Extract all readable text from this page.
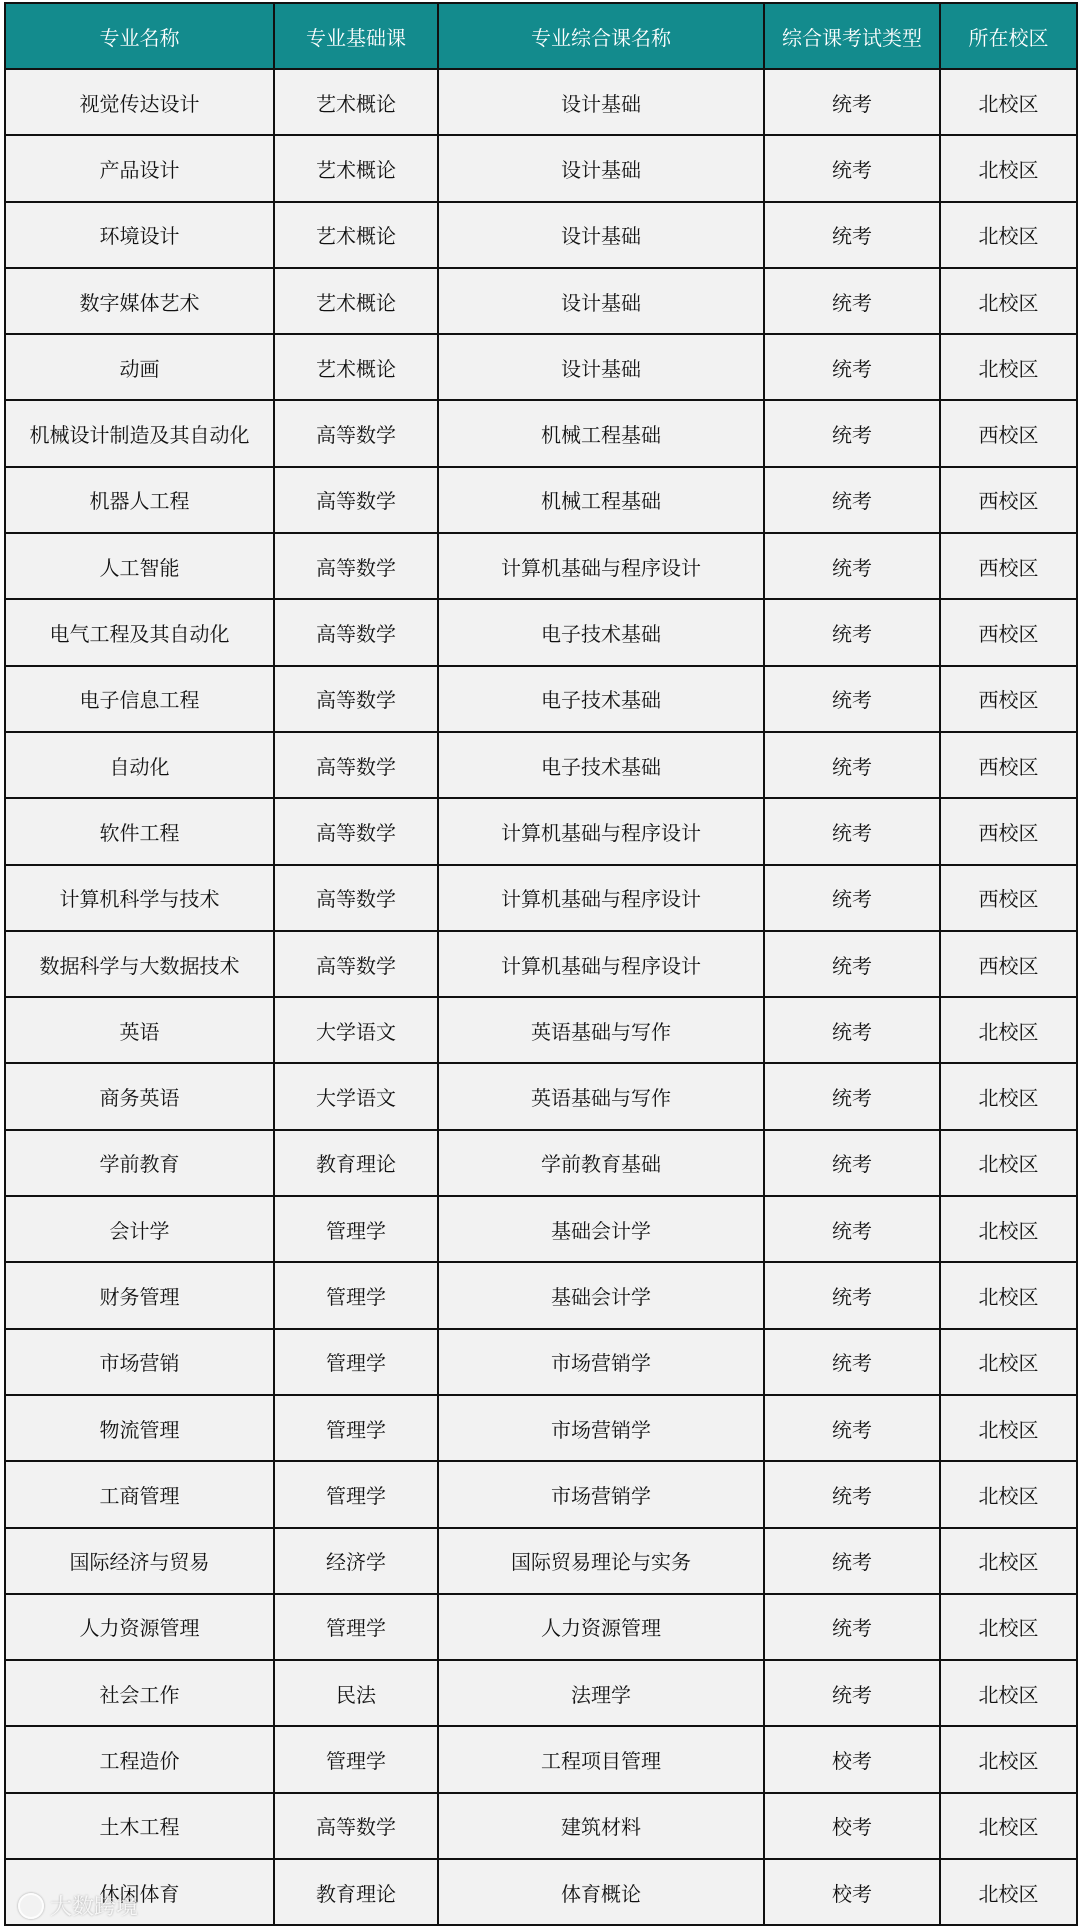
专业名称	专业基础课	专业综合课名称	综合课考试类型	所在校区
视觉传达设计	艺术概论	设计基础	统考	北校区
产品设计	艺术概论	设计基础	统考	北校区
环境设计	艺术概论	设计基础	统考	北校区
数字媒体艺术	艺术概论	设计基础	统考	北校区
动画	艺术概论	设计基础	统考	北校区
机械设计制造及其自动化	高等数学	机械工程基础	统考	西校区
机器人工程	高等数学	机械工程基础	统考	西校区
人工智能	高等数学	计算机基础与程序设计	统考	西校区
电气工程及其自动化	高等数学	电子技术基础	统考	西校区
电子信息工程	高等数学	电子技术基础	统考	西校区
自动化	高等数学	电子技术基础	统考	西校区
软件工程	高等数学	计算机基础与程序设计	统考	西校区
计算机科学与技术	高等数学	计算机基础与程序设计	统考	西校区
数据科学与大数据技术	高等数学	计算机基础与程序设计	统考	西校区
英语	大学语文	英语基础与写作	统考	北校区
商务英语	大学语文	英语基础与写作	统考	北校区
学前教育	教育理论	学前教育基础	统考	北校区
会计学	管理学	基础会计学	统考	北校区
财务管理	管理学	基础会计学	统考	北校区
市场营销	管理学	市场营销学	统考	北校区
物流管理	管理学	市场营销学	统考	北校区
工商管理	管理学	市场营销学	统考	北校区
国际经济与贸易	经济学	国际贸易理论与实务	统考	北校区
人力资源管理	管理学	人力资源管理	统考	北校区
社会工作	民法	法理学	统考	北校区
工程造价	管理学	工程项目管理	校考	北校区
土木工程	高等数学	建筑材料	校考	北校区
休闲体育	教育理论	体育概论	校考	北校区
大数跨境
